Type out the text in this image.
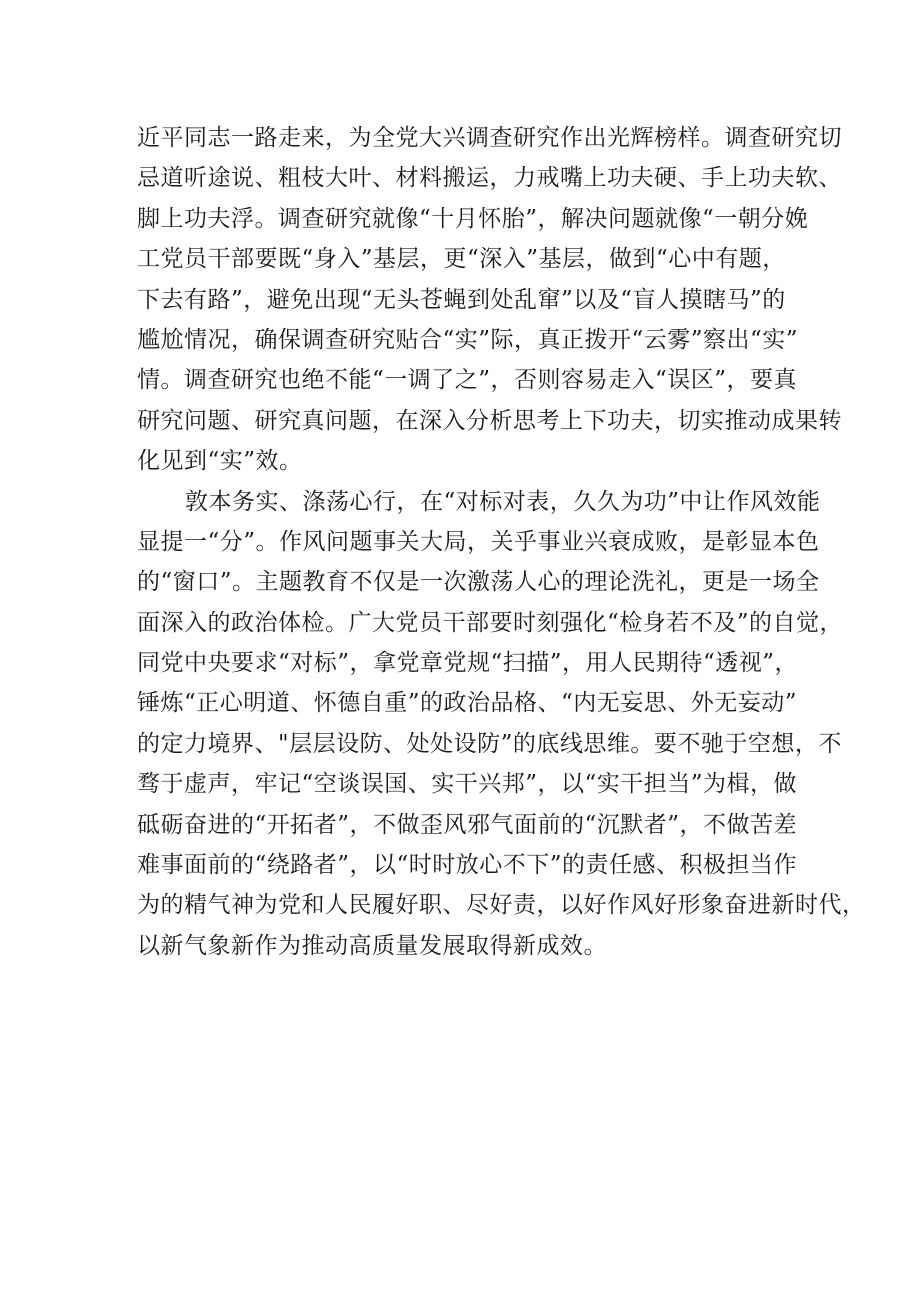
近平同志一路走来，为全党大兴调查研究作出光辉榜样。调查研究切
忌道听途说、粗枝大叶、材料搬运，力戒嘴上功夫硬、手上功夫软、
脚上功夫浮。调查研究就像“十月怀胎”，解决问题就像“一朝分娩
工党员干部要既“身入”基层，更“深入”基层，做到“心中有题，
下去有路”，避免出现“无头苍蝇到处乱窜”以及“盲人摸瞎马”的
尴尬情况，确保调查研究贴合“实”际，真正拨开“云雾”察出“实”
情。调查研究也绝不能“一调了之”，否则容易走入“误区”，要真
研究问题、研究真问题，在深入分析思考上下功夫，切实推动成果转
化见到“实”效。
敦本务实、涤荡心行，在“对标对表，久久为功”中让作风效能
显提一“分”。作风问题事关大局，关乎事业兴衰成败，是彰显本色
的“窗口”。主题教育不仅是一次激荡人心的理论洗礼，更是一场全
面深入的政治体检。广大党员干部要时刻强化“检身若不及”的自觉，
同党中央要求“对标”，拿党章党规“扫描”，用人民期待“透视”，
锤炼“正心明道、怀德自重”的政治品格、“内无妄思、外无妄动”
的定力境界、"层层设防、处处设防”的底线思维。要不驰于空想，不
骛于虚声，牢记“空谈误国、实干兴邦”，以“实干担当”为楫，做
砥砺奋进的“开拓者”，不做歪风邪气面前的“沉默者”，不做苦差
难事面前的“绕路者”，以“时时放心不下”的责任感、积极担当作
为的精气神为党和人民履好职、尽好责，以好作风好形象奋进新时代，
以新气象新作为推动高质量发展取得新成效。
